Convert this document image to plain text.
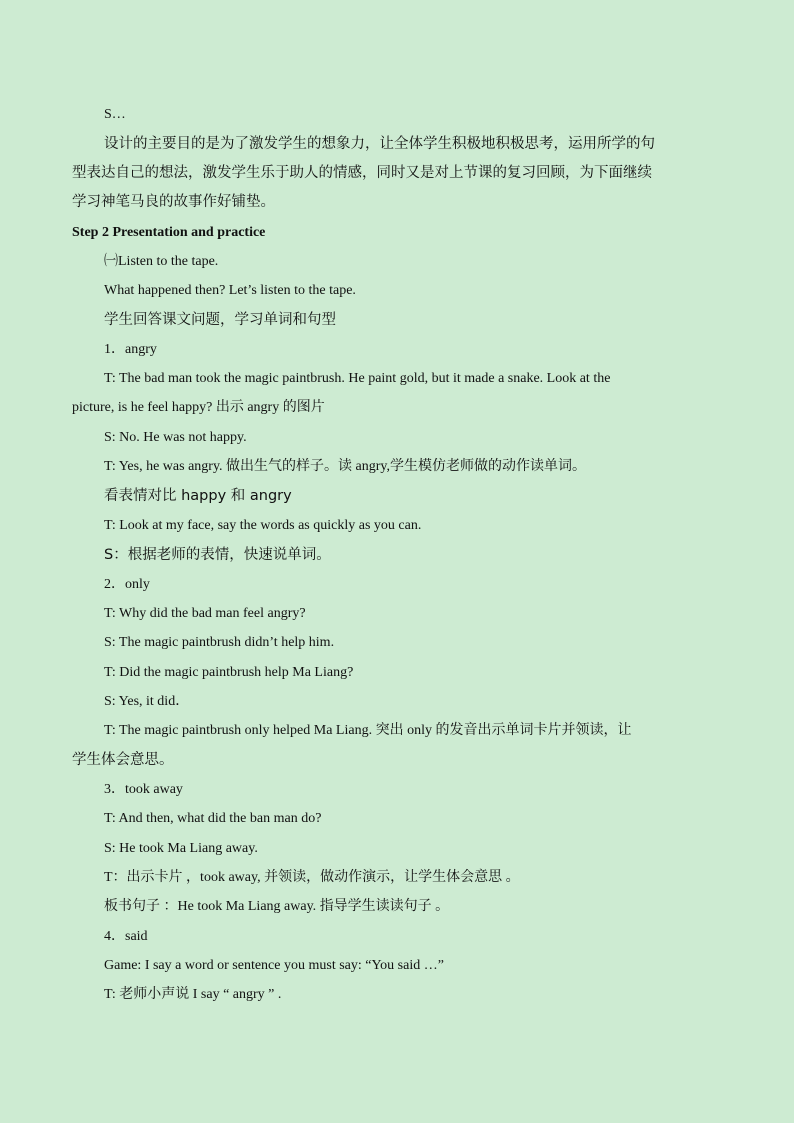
S…
设计的主要目的是为了激发学生的想象力，让全体学生积极地积极思考，运用所学的句
型表达自己的想法，激发学生乐于助人的情感，同时又是对上节课的复习回顾，为下面继续
学习神笔马良的故事作好铺垫。
Step 2 Presentation and practice
㈠Listen to the tape.
What happened then? Let’s listen to the tape.
学生回答课文问题，学习单词和句型
1．angry
T: The bad man took the magic paintbrush. He paint gold, but it made a snake. Look at the
picture, is he feel happy? 出示 angry 的图片
S: No. He was not happy.
T: Yes, he was angry. 做出生气的样子。读 angry,学生模仿老师做的动作读单词。
看表情对比 happy 和 angry
T: Look at my face, say the words as quickly as you can.
S：根据老师的表情，快速说单词。
2．only
T: Why did the bad man feel angry?
S: The magic paintbrush didn’t help him.
T: Did the magic paintbrush help Ma Liang?
S: Yes, it did．
T: The magic paintbrush only helped Ma Liang. 突出 only 的发音出示单词卡片并领读，让
学生体会意思。
3．took away
T: And then, what did the ban man do?
S: He took Ma Liang away.
T：出示卡片 ，took away, 并领读，做动作演示，让学生体会意思 。
板书句子 ：He took Ma Liang away. 指导学生读读句子 。
4．said
Game: I say a word or sentence you must say: “You said …”
T: 老师小声说 I say “ angry ” .
